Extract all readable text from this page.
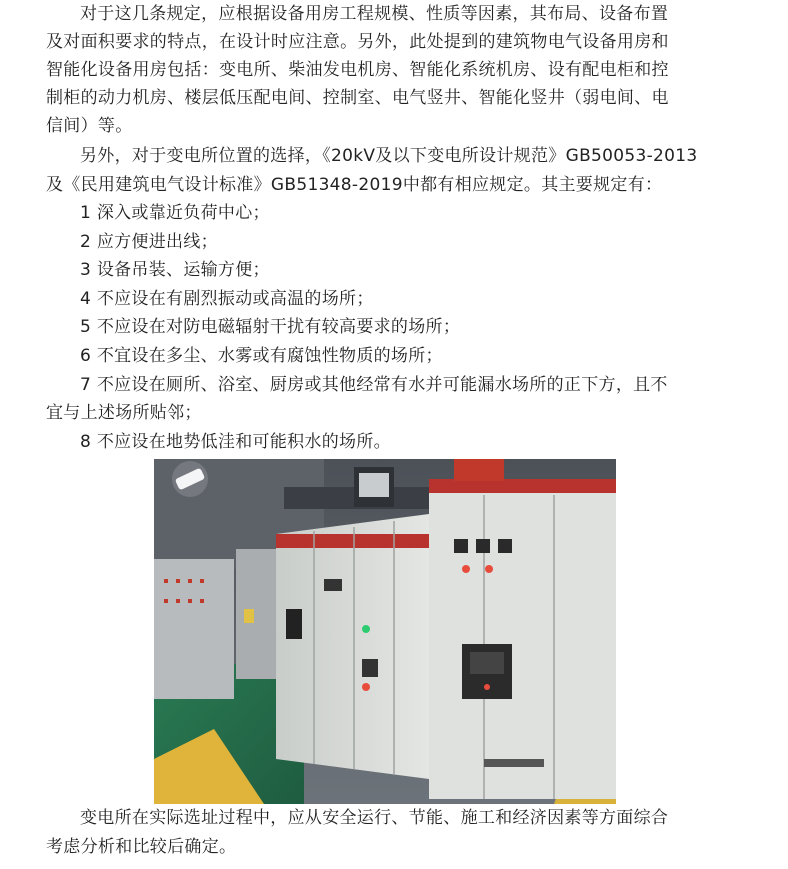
对于这几条规定，应根据设备用房工程规模、性质等因素，其布局、设备布置
及对面积要求的特点，在设计时应注意。另外，此处提到的建筑物电气设备用房和
智能化设备用房包括：变电所、柴油发电机房、智能化系统机房、设有配电柜和控
制柜的动力机房、楼层低压配电间、控制室、电气竖井、智能化竖井（弱电间、电
信间）等。
另外，对于变电所位置的选择，《20kV及以下变电所设计规范》GB50053-2013
及《民用建筑电气设计标准》GB51348-2019中都有相应规定。其主要规定有：
1 深入或靠近负荷中心；
2 应方便进出线；
3 设备吊装、运输方便；
4 不应设在有剧烈振动或高温的场所；
5 不应设在对防电磁辐射干扰有较高要求的场所；
6 不宜设在多尘、水雾或有腐蚀性物质的场所；
7 不应设在厕所、浴室、厨房或其他经常有水并可能漏水场所的正下方，且不
宜与上述场所贴邻；
8 不应设在地势低洼和可能积水的场所。
变电所在实际选址过程中，应从安全运行、节能、施工和经济因素等方面综合
考虑分析和比较后确定。
